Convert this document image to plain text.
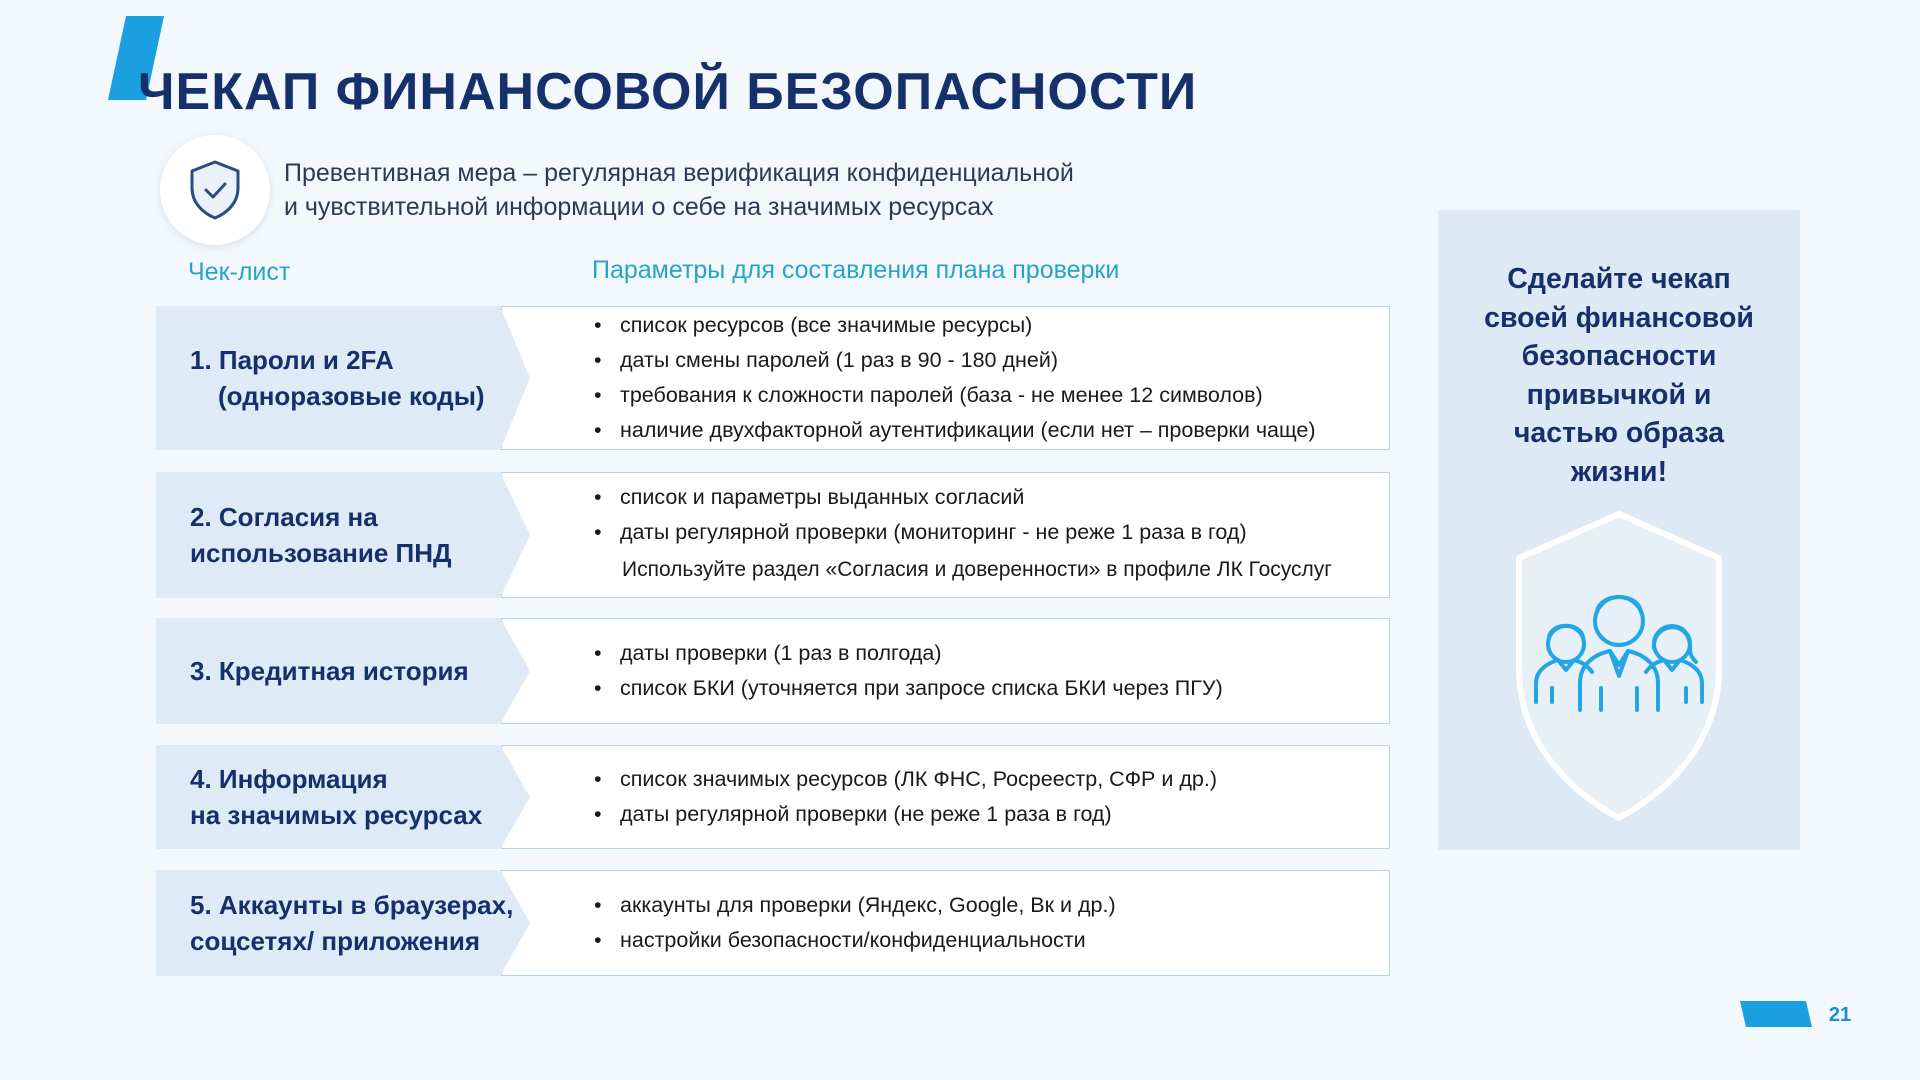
ЧЕКАП ФИНАНСОВОЙ БЕЗОПАСНОСТИ
Превентивная мера – регулярная верификация конфиденциальной
и чувствительной информации о себе на значимых ресурсах
Чек-лист	Параметры для составления плана проверки
1. Пароли и 2FA
(одноразовые коды)
• список ресурсов (все значимые ресурсы)
• даты смены паролей (1 раз в 90 - 180 дней)
• требования к сложности паролей (база - не менее 12 символов)
• наличие двухфакторной аутентификации (если нет – проверки чаще)
2. Согласия на
использование ПНД
• список и параметры выданных согласий
• даты регулярной проверки (мониторинг - не реже 1 раза в год)
Используйте раздел «Согласия и доверенности» в профиле ЛК Госуслуг
3. Кредитная история
• даты проверки (1 раз в полгода)
• список БКИ (уточняется при запросе списка БКИ через ПГУ)
4. Информация
на значимых ресурсах
• список значимых ресурсов (ЛК ФНС, Росреестр, СФР и др.)
• даты регулярной проверки (не реже 1 раза в год)
5. Аккаунты в браузерах,
соцсетях/ приложения
• аккаунты для проверки (Яндекс, Google, Вк и др.)
• настройки безопасности/конфиденциальности
Сделайте чекап
своей финансовой
безопасности
привычкой и
частью образа
жизни!
21
